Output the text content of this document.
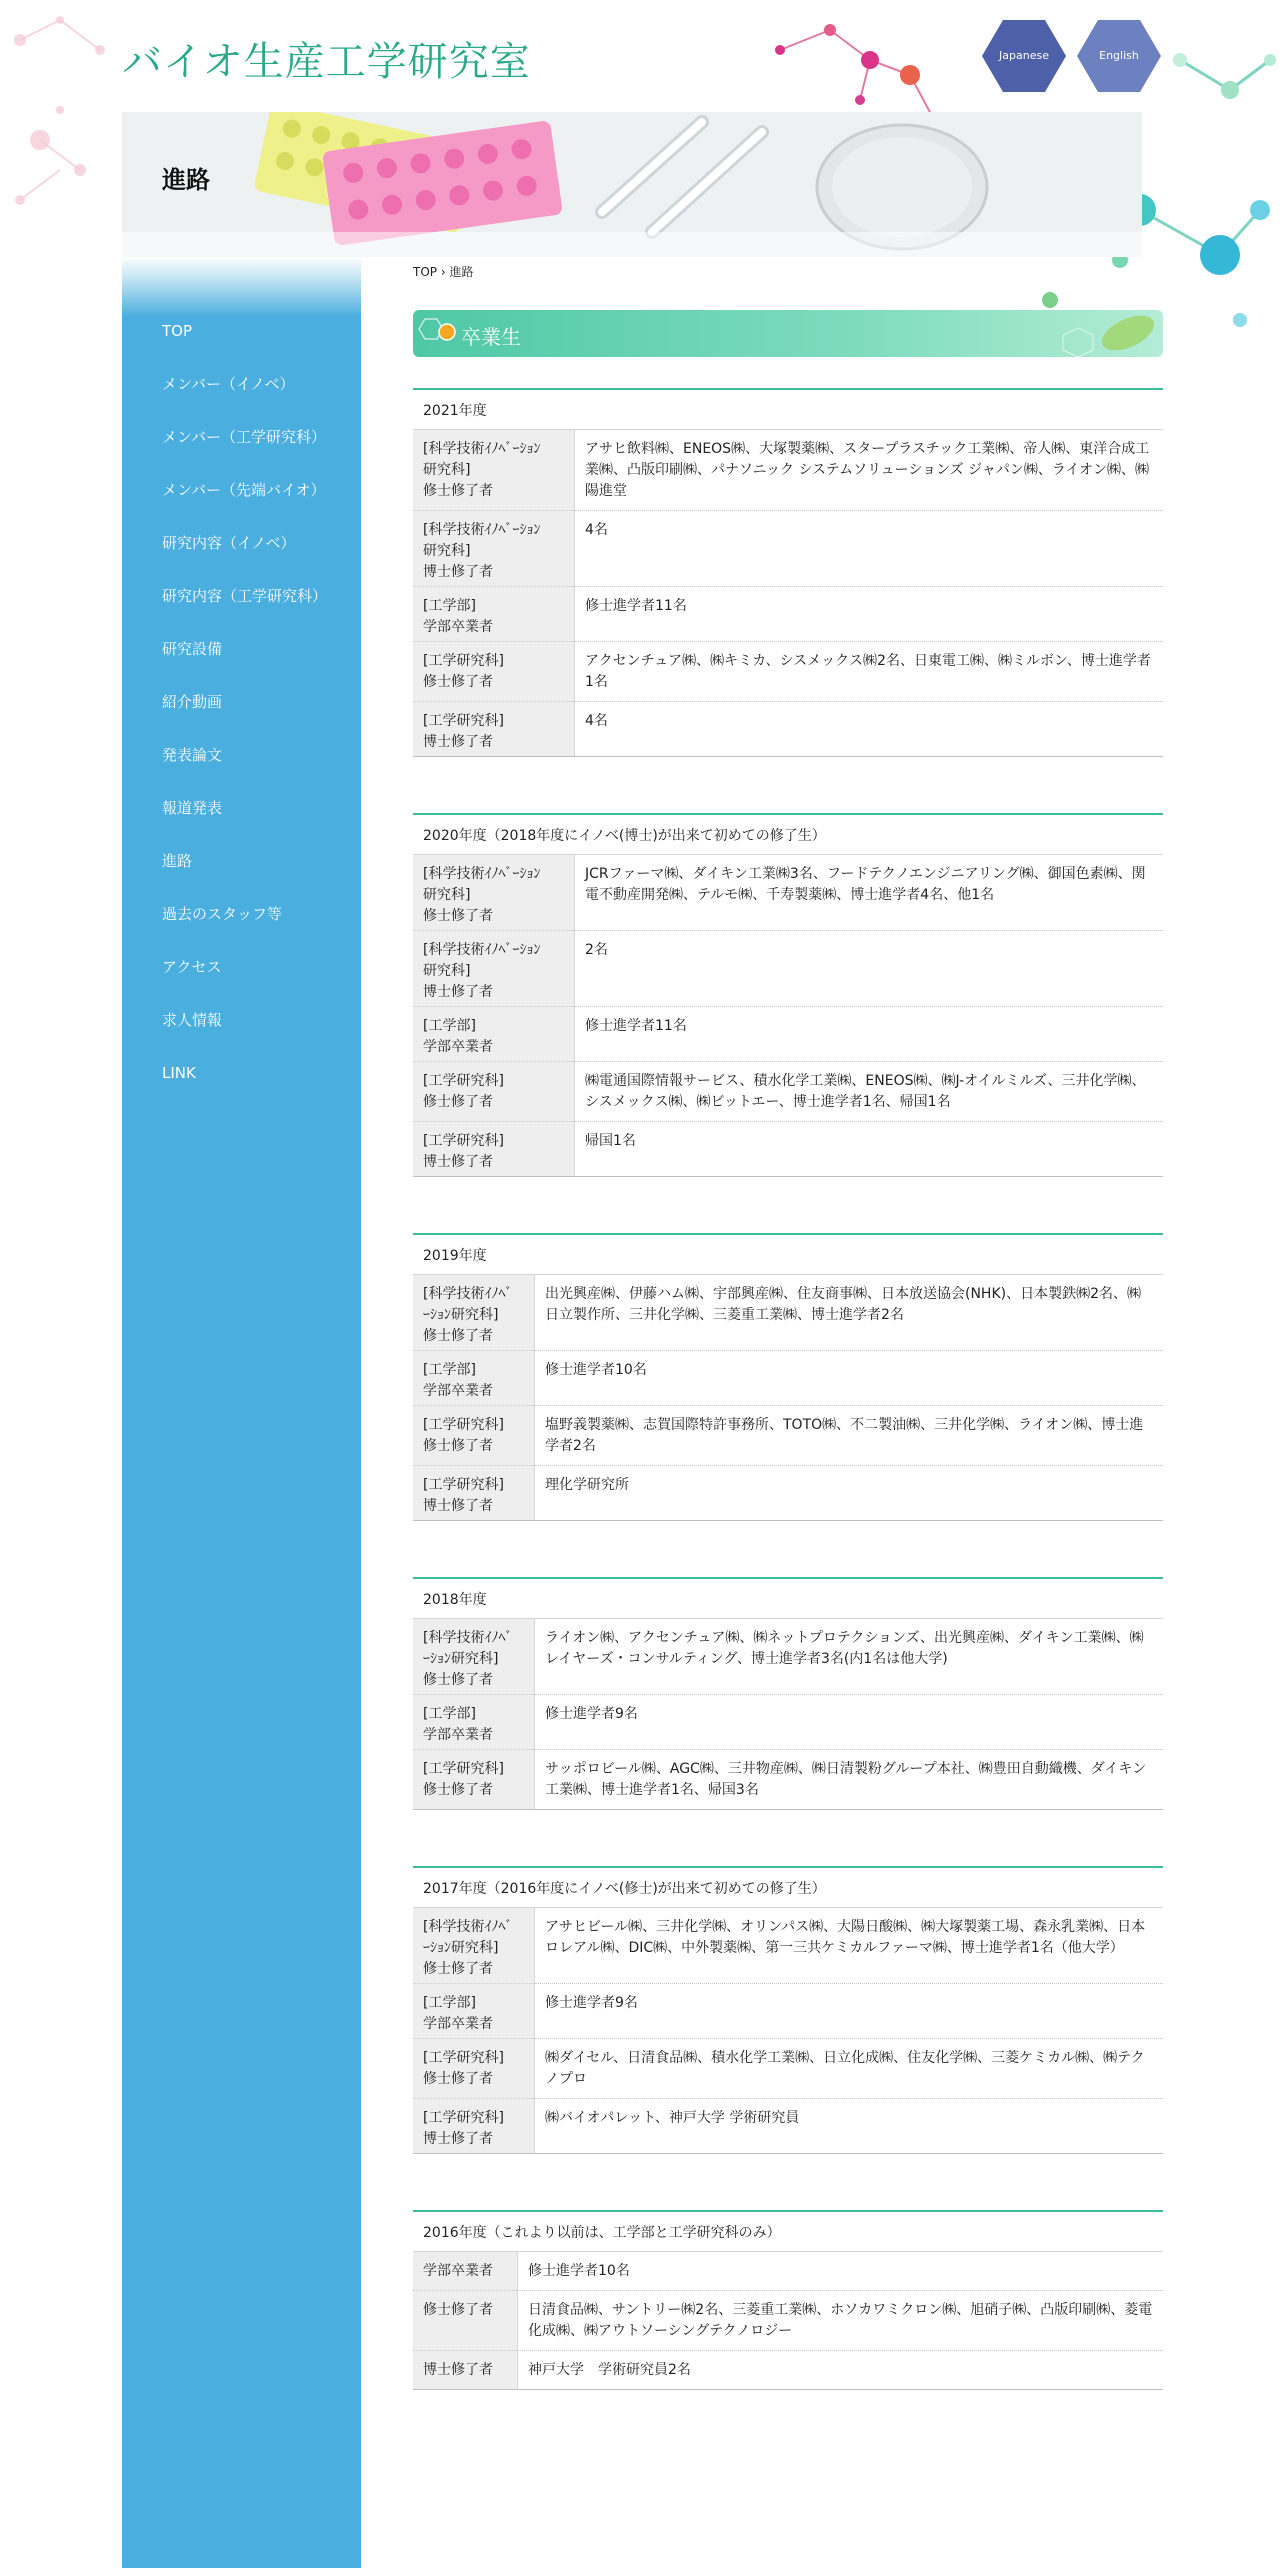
バイオ生産工学研究室	Japanese	English
進路
TOP
メンバー（イノベ）
メンバー（工学研究科）
メンバー（先端バイオ）
研究内容（イノベ）
研究内容（工学研究科）
研究設備
紹介動画
発表論文
報道発表
進路
過去のスタッフ等
アクセス
求人情報
LINK
TOP › 進路
卒業生
2021年度
[科学技術ｲﾉﾍﾞｰｼｮﾝ
研究科]
修士修了者	アサヒ飲料㈱、ENEOS㈱、大塚製薬㈱、スタープラスチック工業㈱、帝人㈱、東洋合成工業㈱、凸版印刷㈱、パナソニック システムソリューションズ ジャパン㈱、ライオン㈱、㈱陽進堂

[科学技術ｲﾉﾍﾞｰｼｮﾝ
研究科]
博士修了者	4名

[工学部]
学部卒業者	修士進学者11名

[工学研究科]
修士修了者	アクセンチュア㈱、㈱キミカ、シスメックス㈱2名、日東電工㈱、㈱ミルボン、博士進学者1名

[工学研究科]
博士修了者	4名
2020年度（2018年度にイノベ(博士)が出来て初めての修了生）
[科学技術ｲﾉﾍﾞｰｼｮﾝ
研究科]
修士修了者	JCRファーマ㈱、ダイキン工業㈱3名、フードテクノエンジニアリング㈱、御国色素㈱、関電不動産開発㈱、テルモ㈱、千寿製薬㈱、博士進学者4名、他1名

[科学技術ｲﾉﾍﾞｰｼｮﾝ
研究科]
博士修了者	2名

[工学部]
学部卒業者	修士進学者11名

[工学研究科]
修士修了者	㈱電通国際情報サービス、積水化学工業㈱、ENEOS㈱、㈱J-オイルミルズ、三井化学㈱、シスメックス㈱、㈱ビットエー、博士進学者1名、帰国1名

[工学研究科]
博士修了者	帰国1名
2019年度
[科学技術ｲﾉﾍﾞ
ｰｼｮﾝ研究科]
修士修了者	出光興産㈱、伊藤ハム㈱、宇部興産㈱、住友商事㈱、日本放送協会(NHK)、日本製鉄㈱2名、㈱日立製作所、三井化学㈱、三菱重工業㈱、博士進学者2名

[工学部]
学部卒業者	修士進学者10名

[工学研究科]
修士修了者	塩野義製薬㈱、志賀国際特許事務所、TOTO㈱、不二製油㈱、三井化学㈱、ライオン㈱、博士進学者2名

[工学研究科]
博士修了者	理化学研究所
2018年度
[科学技術ｲﾉﾍﾞ
ｰｼｮﾝ研究科]
修士修了者	ライオン㈱、アクセンチュア㈱、㈱ネットプロテクションズ、出光興産㈱、ダイキン工業㈱、㈱レイヤーズ・コンサルティング、博士進学者3名(内1名は他大学)

[工学部]
学部卒業者	修士進学者9名

[工学研究科]
修士修了者	サッポロビール㈱、AGC㈱、三井物産㈱、㈱日清製粉グループ本社、㈱豊田自動織機、ダイキン工業㈱、博士進学者1名、帰国3名
2017年度（2016年度にイノベ(修士)が出来て初めての修了生）
[科学技術ｲﾉﾍﾞ
ｰｼｮﾝ研究科]
修士修了者	アサヒビール㈱、三井化学㈱、オリンパス㈱、大陽日酸㈱、㈱大塚製薬工場、森永乳業㈱、日本ロレアル㈱、DIC㈱、中外製薬㈱、第一三共ケミカルファーマ㈱、博士進学者1名（他大学）

[工学部]
学部卒業者	修士進学者9名

[工学研究科]
修士修了者	㈱ダイセル、日清食品㈱、積水化学工業㈱、日立化成㈱、住友化学㈱、三菱ケミカル㈱、㈱テクノプロ

[工学研究科]
博士修了者	㈱バイオパレット、神戸大学 学術研究員
2016年度（これより以前は、工学部と工学研究科のみ）
学部卒業者	修士進学者10名

修士修了者	日清食品㈱、サントリー㈱2名、三菱重工業㈱、ホソカワミクロン㈱、旭硝子㈱、凸版印刷㈱、菱電化成㈱、㈱アウトソーシングテクノロジー

博士修了者	神戸大学　学術研究員2名
